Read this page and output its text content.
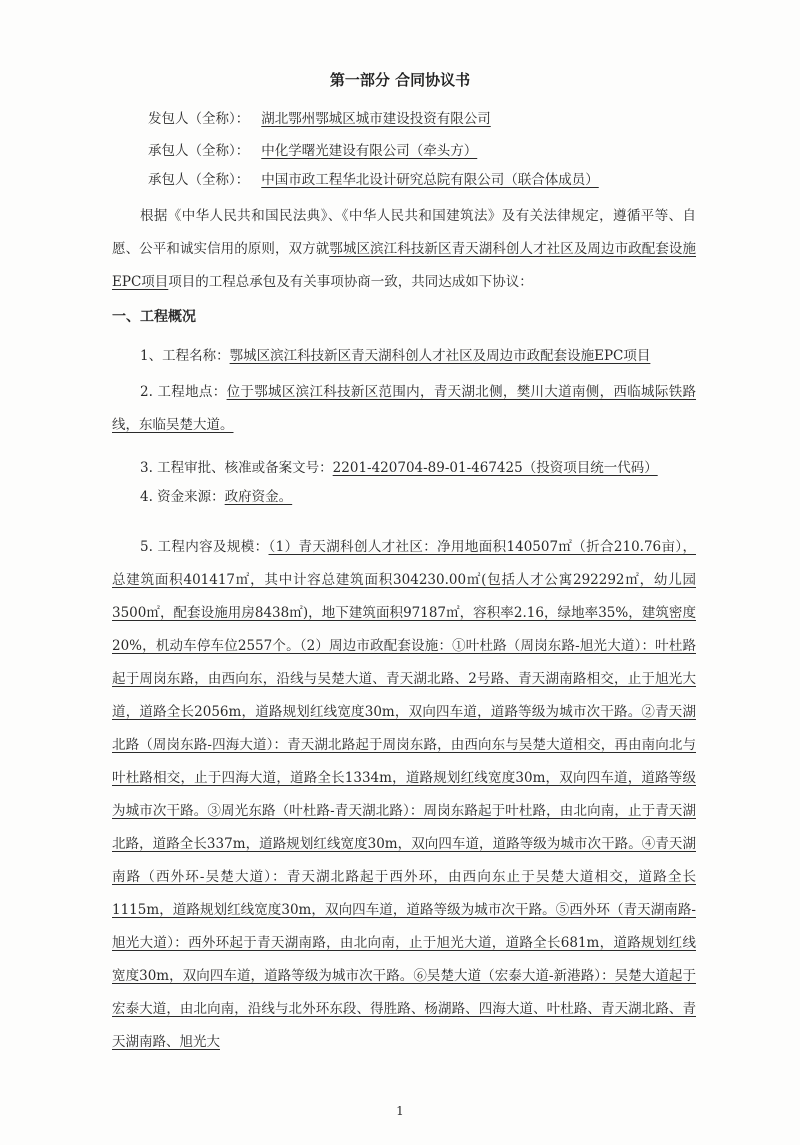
第一部分 合同协议书
发包人（全称）： 湖北鄂州鄂城区城市建设投资有限公司
承包人（全称）： 中化学曙光建设有限公司（牵头方）
承包人（全称）： 中国市政工程华北设计研究总院有限公司（联合体成员）
根据《中华人民共和国民法典》、《中华人民共和国建筑法》及有关法律规定，遵循平等、自愿、公平和诚实信用的原则，双方就鄂城区滨江科技新区青天湖科创人才社区及周边市政配套设施EPC项目项目的工程总承包及有关事项协商一致，共同达成如下协议：
一、工程概况
1、工程名称：鄂城区滨江科技新区青天湖科创人才社区及周边市政配套设施EPC项目
2. 工程地点：位于鄂城区滨江科技新区范围内，青天湖北侧，樊川大道南侧，西临城际铁路线，东临吴楚大道。
3. 工程审批、核准或备案文号：2201-420704-89-01-467425（投资项目统一代码）
4. 资金来源：政府资金。
5. 工程内容及规模：（1）青天湖科创人才社区：净用地面积140507㎡（折合210.76亩），总建筑面积401417㎡，其中计容总建筑面积304230.00㎡(包括人才公寓292292㎡，幼儿园3500㎡，配套设施用房8438㎡)，地下建筑面积97187㎡，容积率2.16，绿地率35%，建筑密度20%，机动车停车位2557个。（2）周边市政配套设施：①叶杜路（周岗东路-旭光大道）：叶杜路起于周岗东路，由西向东，沿线与吴楚大道、青天湖北路、2号路、青天湖南路相交，止于旭光大道，道路全长2056m，道路规划红线宽度30m，双向四车道，道路等级为城市次干路。②青天湖北路（周岗东路-四海大道）：青天湖北路起于周岗东路，由西向东与吴楚大道相交，再由南向北与叶杜路相交，止于四海大道，道路全长1334m，道路规划红线宽度30m，双向四车道，道路等级为城市次干路。③周光东路（叶杜路-青天湖北路）：周岗东路起于叶杜路，由北向南，止于青天湖北路，道路全长337m，道路规划红线宽度30m，双向四车道，道路等级为城市次干路。④青天湖南路（西外环-吴楚大道）：青天湖北路起于西外环，由西向东止于吴楚大道相交，道路全长1115m，道路规划红线宽度30m，双向四车道，道路等级为城市次干路。⑤西外环（青天湖南路-旭光大道）：西外环起于青天湖南路，由北向南，止于旭光大道，道路全长681m，道路规划红线宽度30m，双向四车道，道路等级为城市次干路。⑥吴楚大道（宏泰大道-新港路）：吴楚大道起于宏泰大道，由北向南，沿线与北外环东段、得胜路、杨湖路、四海大道、叶杜路、青天湖北路、青天湖南路、旭光大
1
